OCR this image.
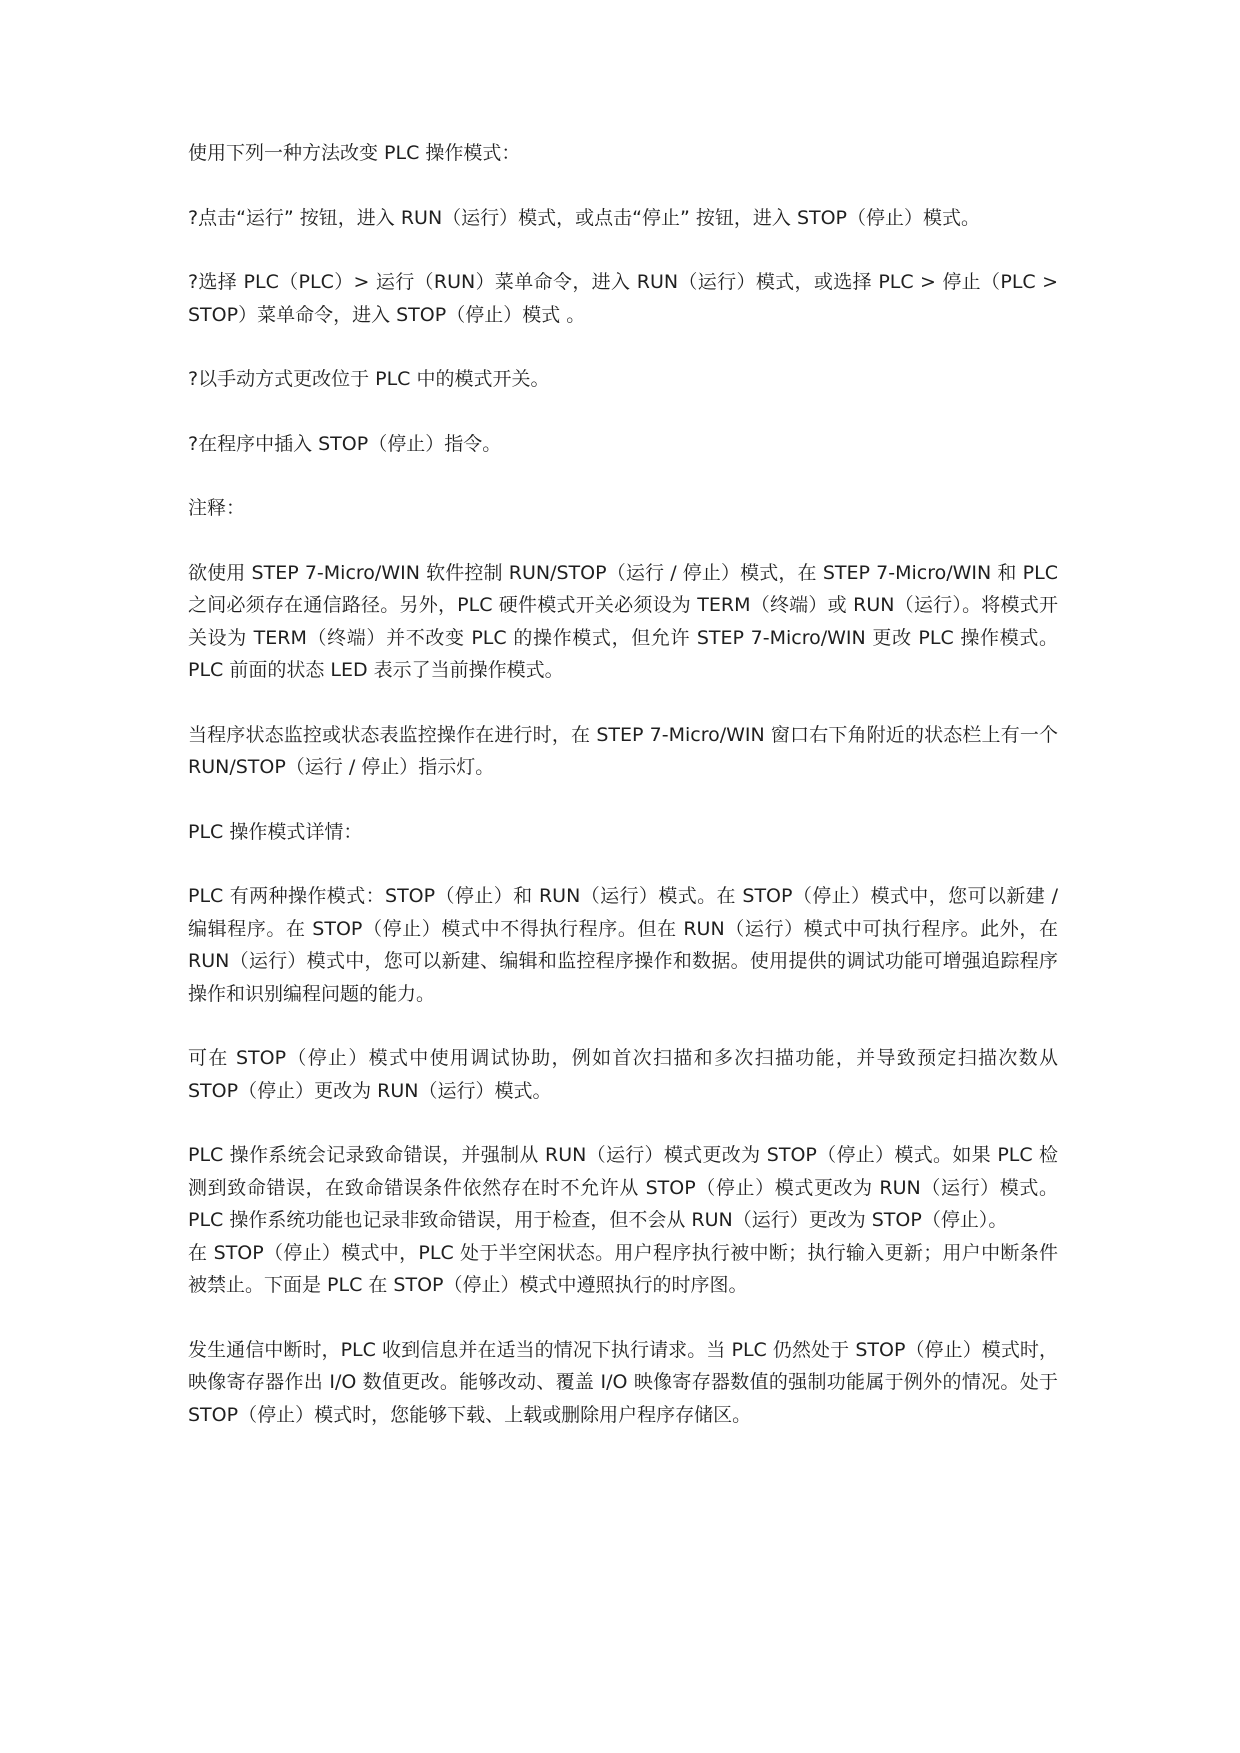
使用下列一种方法改变 PLC 操作模式：

?点击“运行” 按钮，进入 RUN（运行）模式，或点击“停止” 按钮，进入 STOP（停止）模式。

?选择 PLC（PLC）> 运行（RUN）菜单命令，进入 RUN（运行）模式，或选择 PLC > 停止（PLC > STOP）菜单命令，进入 STOP（停止）模式 。

?以手动方式更改位于 PLC 中的模式开关。

?在程序中插入 STOP（停止）指令。

注释：

欲使用 STEP 7-Micro/WIN 软件控制 RUN/STOP（运行 / 停止）模式，在 STEP 7-Micro/WIN 和 PLC 之间必须存在通信路径。另外，PLC 硬件模式开关必须设为 TERM（终端）或 RUN（运行）。将模式开关设为 TERM（终端）并不改变 PLC 的操作模式，但允许 STEP 7-Micro/WIN 更改 PLC 操作模式。PLC 前面的状态 LED 表示了当前操作模式。

当程序状态监控或状态表监控操作在进行时，在 STEP 7-Micro/WIN 窗口右下角附近的状态栏上有一个 RUN/STOP（运行 / 停止）指示灯。

PLC 操作模式详情：

PLC 有两种操作模式：STOP（停止）和 RUN（运行）模式。在 STOP（停止）模式中，您可以新建 / 编辑程序。在 STOP（停止）模式中不得执行程序。但在 RUN（运行）模式中可执行程序。此外，在 RUN（运行）模式中，您可以新建、编辑和监控程序操作和数据。使用提供的调试功能可增强追踪程序操作和识别编程问题的能力。

可在 STOP（停止）模式中使用调试协助，例如首次扫描和多次扫描功能，并导致预定扫描次数从 STOP（停止）更改为 RUN（运行）模式。

PLC 操作系统会记录致命错误，并强制从 RUN（运行）模式更改为 STOP（停止）模式。如果 PLC 检测到致命错误，在致命错误条件依然存在时不允许从 STOP（停止）模式更改为 RUN（运行）模式。PLC 操作系统功能也记录非致命错误，用于检查，但不会从 RUN（运行）更改为 STOP（停止）。

在 STOP（停止）模式中，PLC 处于半空闲状态。用户程序执行被中断；执行输入更新；用户中断条件被禁止。下面是 PLC 在 STOP（停止）模式中遵照执行的时序图。

发生通信中断时，PLC 收到信息并在适当的情况下执行请求。当 PLC 仍然处于 STOP（停止）模式时，映像寄存器作出 I/O 数值更改。能够改动、覆盖 I/O 映像寄存器数值的强制功能属于例外的情况。处于 STOP（停止）模式时，您能够下载、上载或删除用户程序存储区。
